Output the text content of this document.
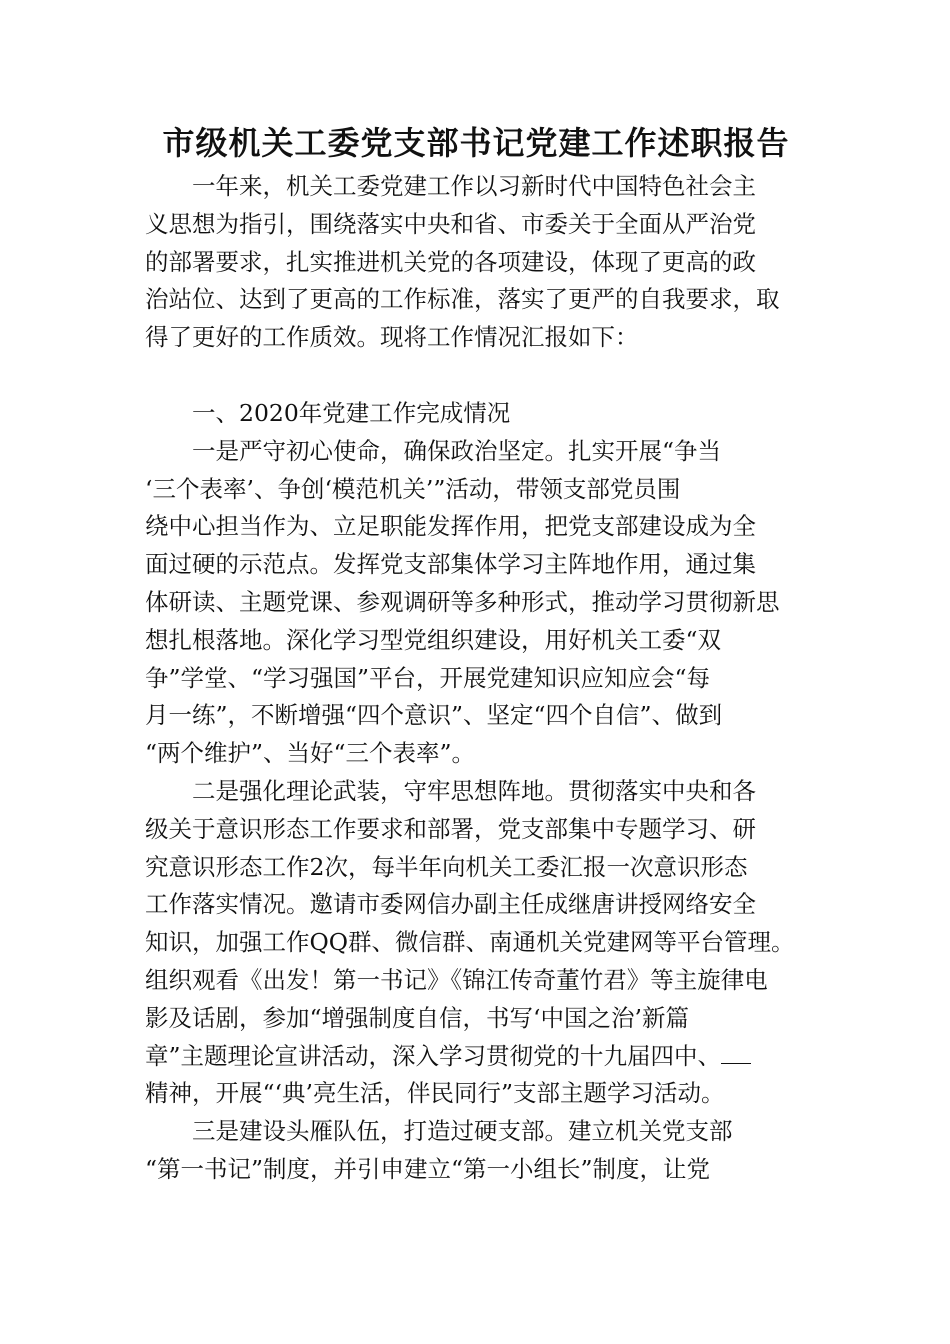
市级机关工委党支部书记党建工作述职报告

一年来，机关工委党建工作以习新时代中国特色社会主
义思想为指引，围绕落实中央和省、市委关于全面从严治党
的部署要求，扎实推进机关党的各项建设，体现了更高的政
治站位、达到了更高的工作标准，落实了更严的自我要求，取
得了更好的工作质效。现将工作情况汇报如下：

一、2020年党建工作完成情况

一是严守初心使命，确保政治坚定。扎实开展“争当
‘三个表率’、争创‘模范机关’”活动，带领支部党员围
绕中心担当作为、立足职能发挥作用，把党支部建设成为全
面过硬的示范点。发挥党支部集体学习主阵地作用，通过集
体研读、主题党课、参观调研等多种形式，推动学习贯彻新思
想扎根落地。深化学习型党组织建设，用好机关工委“双
争”学堂、“学习强国”平台，开展党建知识应知应会“每
月一练”，不断增强“四个意识”、坚定“四个自信”、做到
“两个维护”、当好“三个表率”。

二是强化理论武装，守牢思想阵地。贯彻落实中央和各
级关于意识形态工作要求和部署，党支部集中专题学习、研
究意识形态工作2次，每半年向机关工委汇报一次意识形态
工作落实情况。邀请市委网信办副主任成继唐讲授网络安全
知识，加强工作QQ群、微信群、南通机关党建网等平台管理。
组织观看《出发！第一书记》《锦江传奇董竹君》等主旋律电
影及话剧，参加“增强制度自信，书写‘中国之治’新篇
章”主题理论宣讲活动，深入学习贯彻党的十九届四中、
精神，开展“‘典’亮生活，伴民同行”支部主题学习活动。

三是建设头雁队伍，打造过硬支部。建立机关党支部
“第一书记”制度，并引申建立“第一小组长”制度，让党
